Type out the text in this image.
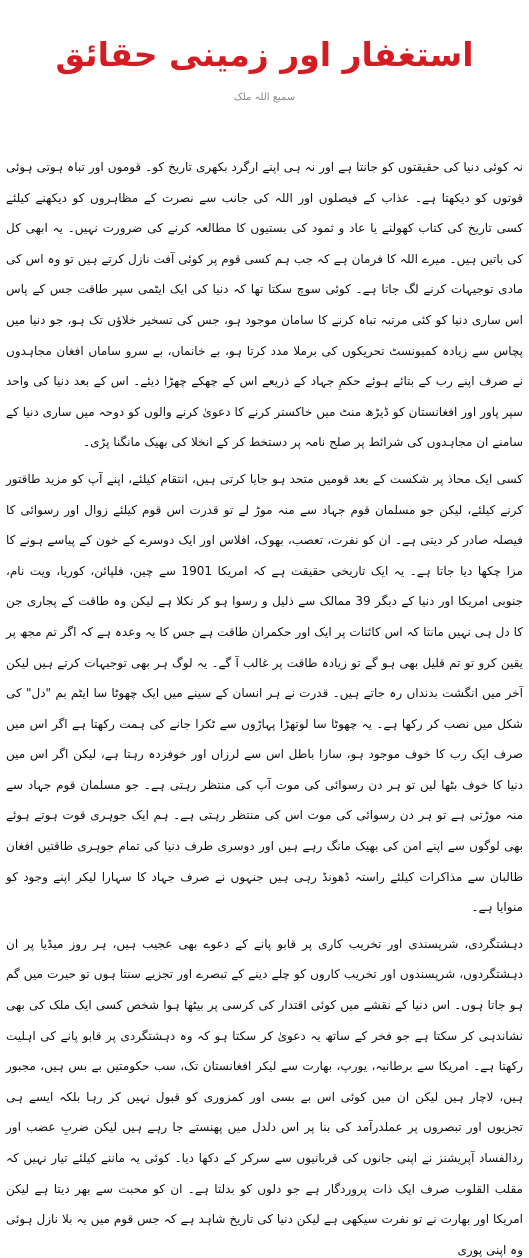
استغفار اور زمینی حقائق
سمیع اللہ ملک

نہ کوئی دنیا کی حقیقتوں کو جانتا ہے اور نہ ہی اپنے ارگرد بکھری تاریخ کو۔ قوموں اور تباہ ہوتی ہوئی قوتوں کو دیکھتا ہے۔ عذاب کے فیصلوں اور اللہ کی جانب سے نصرت کے مظاہروں کو دیکھنے کیلئے کسی تاریخ کی کتاب کھولنے یا عاد و ثمود کی بستیوں کا مطالعہ کرنے کی ضرورت نہیں۔ یہ ابھی کل کی باتیں ہیں۔ میرے اللہ کا فرمان ہے کہ جب ہم کسی قوم پر کوئی آفت نازل کرتے ہیں تو وہ اس کی مادی توجیہات کرنے لگ جاتا ہے۔ کوئی سوچ سکتا تھا کہ دنیا کی ایک ایٹمی سپر طاقت جس کے پاس اس ساری دنیا کو کئی مرتبہ تباہ کرنے کا سامان موجود ہو، جس کی تسخیر خلاؤں تک ہو، جو دنیا میں پچاس سے زیادہ کمیونسٹ تحریکوں کی برملا مدد کرتا ہو، بے خانماں، بے سرو ساماں افغان مجاہدوں نے صرف اپنے رب کے بتائے ہوئے حکمِ جہاد کے ذریعے اس کے چھکے چھڑا دیئے۔ اس کے بعد دنیا کی واحد سپر پاور اور افغانستان کو ڈیڑھ منٹ میں خاکستر کرنے کا دعویٰ کرنے والوں کو دوحہ میں ساری دنیا کے سامنے ان مجاہدوں کی شرائط پر صلح نامہ پر دستخط کر کے انخلا کی بھیک مانگنا پڑی۔

کسی ایک محاذ پر شکست کے بعد قومیں متحد ہو جایا کرتی ہیں، انتقام کیلئے، اپنے آپ کو مزید طاقتور کرنے کیلئے، لیکن جو مسلمان قوم جہاد سے منہ موڑ لے تو قدرت اس قوم کیلئے زوال اور رسوائی کا فیصلہ صادر کر دیتی ہے۔ ان کو نفرت، تعصب، بھوک، افلاس اور ایک دوسرے کے خون کے پیاسے ہونے کا مزا چکھا دیا جاتا ہے۔ یہ ایک تاریخی حقیقت ہے کہ امریکا 1901 سے چین، فلپائن، کوریا، ویت نام، جنوبی امریکا اور دنیا کے دیگر 39 ممالک سے ذلیل و رسوا ہو کر نکلا ہے لیکن وہ طاقت کے پجاری جن کا دل ہی نہیں مانتا کہ اس کائنات پر ایک اور حکمران طاقت ہے جس کا یہ وعدہ ہے کہ اگر تم مجھ پر یقین کرو تو تم قلیل بھی ہو گے تو زیادہ طاقت پر غالب آ گے۔ یہ لوگ ہر بھی توجیہات کرتے ہیں لیکن آخر میں انگشت بدنداں رہ جاتے ہیں۔ قدرت نے ہر انسان کے سینے میں ایک چھوٹا سا ایٹم بم "دل" کی شکل میں نصب کر رکھا ہے۔ یہ چھوٹا سا لوتھڑا پہاڑوں سے ٹکرا جانے کی ہمت رکھتا ہے اگر اس میں صرف ایک رب کا خوف موجود ہو، سارا باطل اس سے لرزاں اور خوفزدہ رہتا ہے، لیکن اگر اس میں دنیا کا خوف بٹھا لیں تو ہر دن رسوائی کی موت آپ کی منتظر رہتی ہے۔ جو مسلمان قوم جہاد سے منہ موڑتی ہے تو ہر دن رسوائی کی موت اس کی منتظر رہتی ہے۔ ہم ایک جوہری قوت ہوتے ہوئے بھی لوگوں سے اپنے امن کی بھیک مانگ رہے ہیں اور دوسری طرف دنیا کی تمام جوہری طاقتیں افغان طالبان سے مذاکرات کیلئے راستہ ڈھونڈ رہی ہیں جنہوں نے صرف جہاد کا سہارا لیکر اپنے وجود کو منوایا ہے۔

دہشتگردی، شرپسندی اور تخریب کاری پر قابو پانے کے دعوے بھی عجیب ہیں، ہر روز میڈیا پر ان دہشتگردوں، شرپسندوں اور تخریب کاروں کو چلے دینے کے تبصرے اور تجزیے سنتا ہوں تو حیرت میں گم ہو جاتا ہوں۔ اس دنیا کے نقشے میں کوئی اقتدار کی کرسی پر بیٹھا ہوا شخص کسی ایک ملک کی بھی نشاندہی کر سکتا ہے جو فخر کے ساتھ یہ دعویٰ کر سکتا ہو کہ وہ دہشتگردی پر قابو پانے کی اہلیت رکھتا ہے۔ امریکا سے برطانیہ، یورپ، بھارت سے لیکر افغانستان تک، سب حکومتیں بے بس ہیں، مجبور ہیں، لاچار ہیں لیکن ان میں کوئی اس بے بسی اور کمزوری کو قبول نہیں کر رہا بلکہ ایسے ہی تجزیوں اور تبصروں پر عملدرآمد کی بنا پر اس دلدل میں پھنستے جا رہے ہیں لیکن ضربِ عضب اور ردالفساد آپریشنز نے اپنی جانوں کی قربانیوں سے سرکر کے دکھا دیا۔ کوئی یہ ماننے کیلئے تیار نہیں کہ مقلب القلوب صرف ایک ذات پروردگار ہے جو دلوں کو بدلتا ہے۔ ان کو محبت سے بھر دیتا ہے لیکن امریکا اور بھارت نے تو نفرت سیکھی ہے لیکن دنیا کی تاریخ شاہد ہے کہ جس قوم میں یہ بلا نازل ہوئی وہ اپنی پوری
